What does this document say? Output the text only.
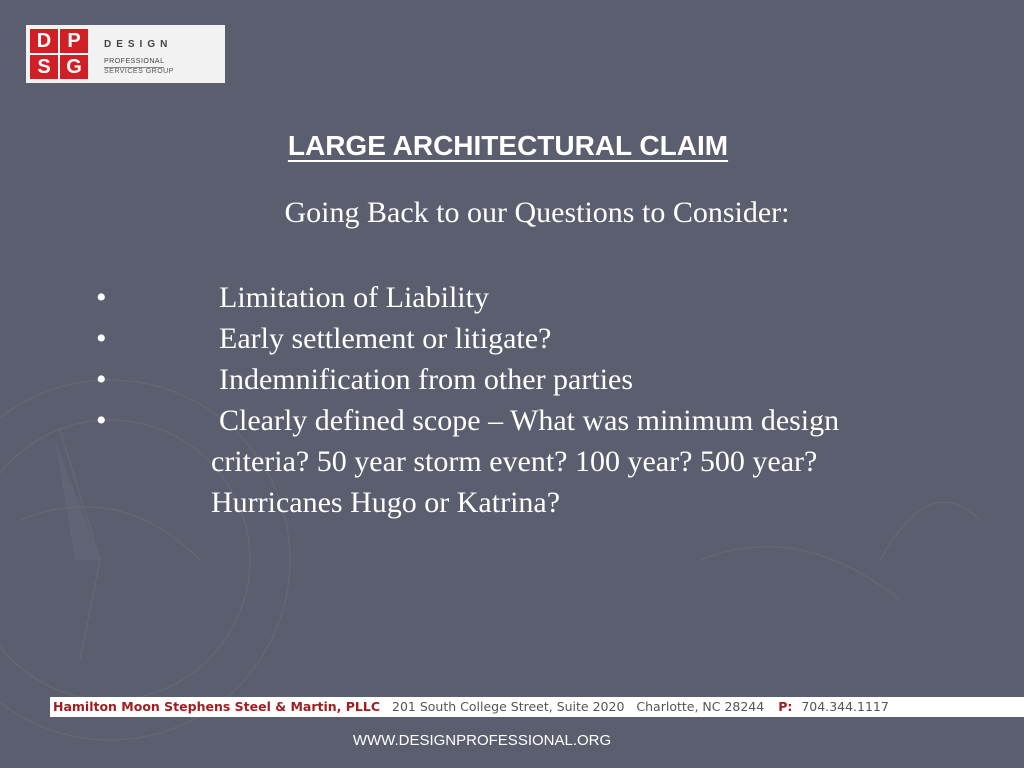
D P
S G
DESIGN
PROFESSIONAL
SERVICES GROUP
LARGE ARCHITECTURAL CLAIM
Going Back to our Questions to Consider:
•	Limitation of Liability
•	Early settlement or litigate?
•	Indemnification from other parties
•	Clearly defined scope – What was minimum design criteria? 50 year storm event? 100 year? 500 year? Hurricanes Hugo or Katrina?
Hamilton Moon Stephens Steel & Martin, PLLC 201 South College Street, Suite 2020 Charlotte, NC 28244 P: 704.344.1117
WWW.DESIGNPROFESSIONAL.ORG
